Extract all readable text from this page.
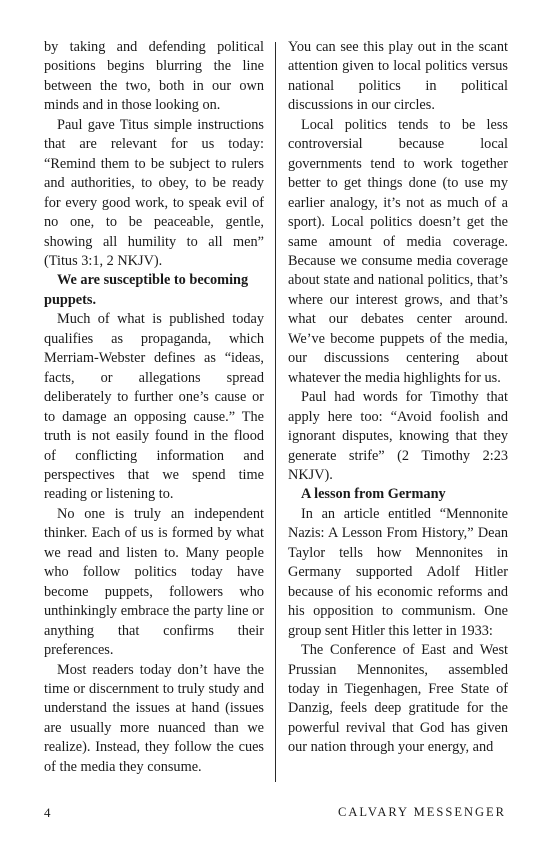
by taking and defending political positions begins blurring the line between the two, both in our own minds and in those looking on.

Paul gave Titus simple instructions that are relevant for us today: “Remind them to be subject to rulers and authorities, to obey, to be ready for every good work, to speak evil of no one, to be peaceable, gentle, showing all humility to all men” (Titus 3:1, 2 NKJV).

We are susceptible to becoming puppets.

Much of what is published today qualifies as propaganda, which Merriam-Webster defines as “ideas, facts, or allegations spread deliberately to further one’s cause or to damage an opposing cause.” The truth is not easily found in the flood of conflicting information and perspectives that we spend time reading or listening to.

No one is truly an independent thinker. Each of us is formed by what we read and listen to. Many people who follow politics today have become puppets, followers who unthinkingly embrace the party line or anything that confirms their preferences.

Most readers today don’t have the time or discernment to truly study and understand the issues at hand (issues are usually more nuanced than we realize). Instead, they follow the cues of the media they consume.

You can see this play out in the scant attention given to local politics versus national politics in political discussions in our circles.

Local politics tends to be less controversial because local governments tend to work together better to get things done (to use my earlier analogy, it’s not as much of a sport). Local politics doesn’t get the same amount of media coverage. Because we consume media coverage about state and national politics, that’s where our interest grows, and that’s what our debates center around. We’ve become puppets of the media, our discussions centering about whatever the media highlights for us.

Paul had words for Timothy that apply here too: “Avoid foolish and ignorant disputes, knowing that they generate strife” (2 Timothy 2:23 NKJV).

A lesson from Germany

In an article entitled “Mennonite Nazis: A Lesson From History,” Dean Taylor tells how Mennonites in Germany supported Adolf Hitler because of his economic reforms and his opposition to communism. One group sent Hitler this letter in 1933:

The Conference of East and West Prussian Mennonites, assembled today in Tiegenhagen, Free State of Danzig, feels deep gratitude for the powerful revival that God has given our nation through your energy, and

4	CALVARY MESSENGER
